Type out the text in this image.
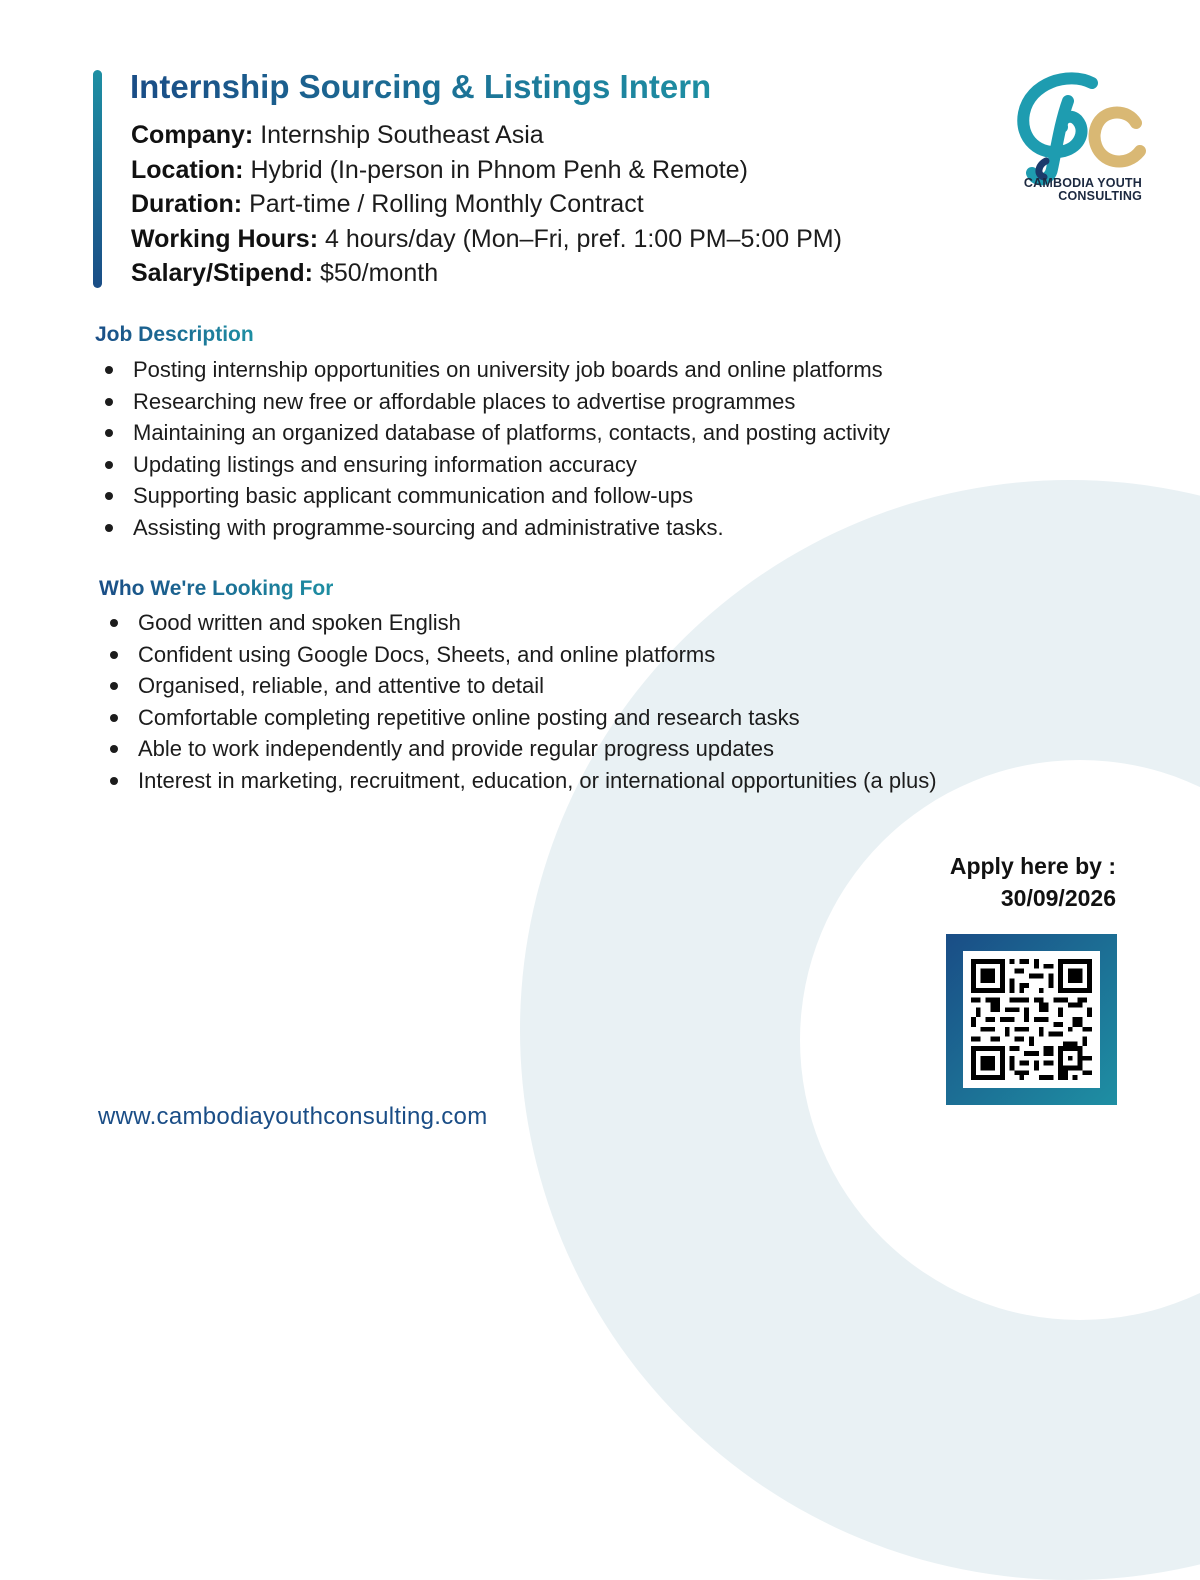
Internship Sourcing & Listings Intern
Company: Internship Southeast Asia
Location: Hybrid (In-person in Phnom Penh & Remote)
Duration: Part-time / Rolling Monthly Contract
Working Hours: 4 hours/day (Mon–Fri, pref. 1:00 PM–5:00 PM)
Salary/Stipend: $50/month
CAMBODIA YOUTH
CONSULTING
Job Description
Posting internship opportunities on university job boards and online platforms
Researching new free or affordable places to advertise programmes
Maintaining an organized database of platforms, contacts, and posting activity
Updating listings and ensuring information accuracy
Supporting basic applicant communication and follow-ups
Assisting with programme-sourcing and administrative tasks.
Who We're Looking For
Good written and spoken English
Confident using Google Docs, Sheets, and online platforms
Organised, reliable, and attentive to detail
Comfortable completing repetitive online posting and research tasks
Able to work independently and provide regular progress updates
Interest in marketing, recruitment, education, or international opportunities (a plus)
Apply here by :
30/09/2026
www.cambodiayouthconsulting.com
